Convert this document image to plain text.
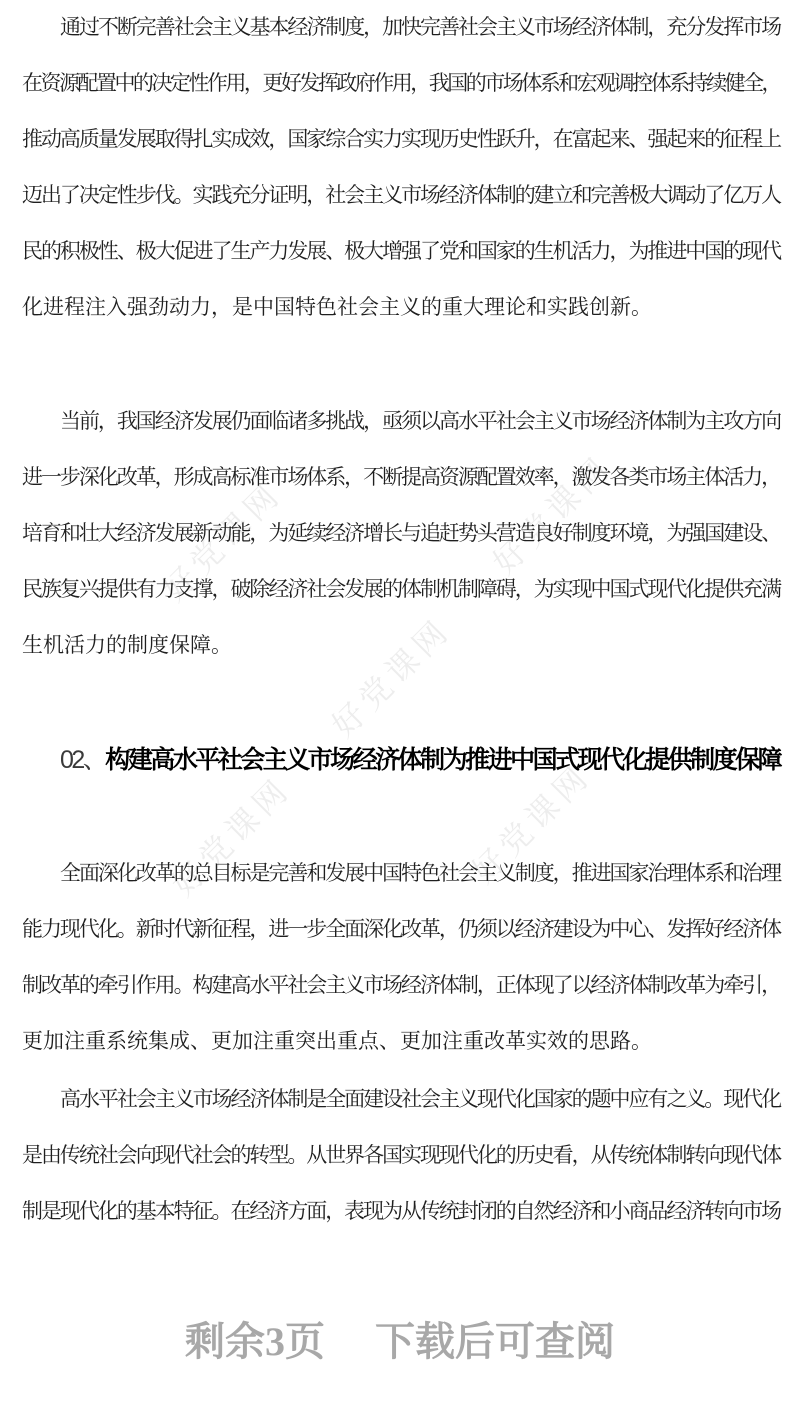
好党课网	好党课网
好党课网
好党课网	好党课网
通过不断完善社会主义基本经济制度，加快完善社会主义市场经济体制，充分发挥市场
在资源配置中的决定性作用，更好发挥政府作用，我国的市场体系和宏观调控体系持续健全，
推动高质量发展取得扎实成效，国家综合实力实现历史性跃升，在富起来、强起来的征程上
迈出了决定性步伐。实践充分证明，社会主义市场经济体制的建立和完善极大调动了亿万人
民的积极性、极大促进了生产力发展、极大增强了党和国家的生机活力，为推进中国的现代
化进程注入强劲动力，是中国特色社会主义的重大理论和实践创新。
当前，我国经济发展仍面临诸多挑战，亟须以高水平社会主义市场经济体制为主攻方向
进一步深化改革，形成高标准市场体系，不断提高资源配置效率，激发各类市场主体活力，
培育和壮大经济发展新动能，为延续经济增长与追赶势头营造良好制度环境，为强国建设、
民族复兴提供有力支撑，破除经济社会发展的体制机制障碍，为实现中国式现代化提供充满
生机活力的制度保障。
02、构建高水平社会主义市场经济体制为推进中国式现代化提供制度保障
全面深化改革的总目标是完善和发展中国特色社会主义制度，推进国家治理体系和治理
能力现代化。新时代新征程，进一步全面深化改革，仍须以经济建设为中心、发挥好经济体
制改革的牵引作用。构建高水平社会主义市场经济体制，正体现了以经济体制改革为牵引，
更加注重系统集成、更加注重突出重点、更加注重改革实效的思路。
高水平社会主义市场经济体制是全面建设社会主义现代化国家的题中应有之义。现代化
是由传统社会向现代社会的转型。从世界各国实现现代化的历史看，从传统体制转向现代体
制是现代化的基本特征。在经济方面，表现为从传统封闭的自然经济和小商品经济转向市场
剩余3页 下载后可查阅
